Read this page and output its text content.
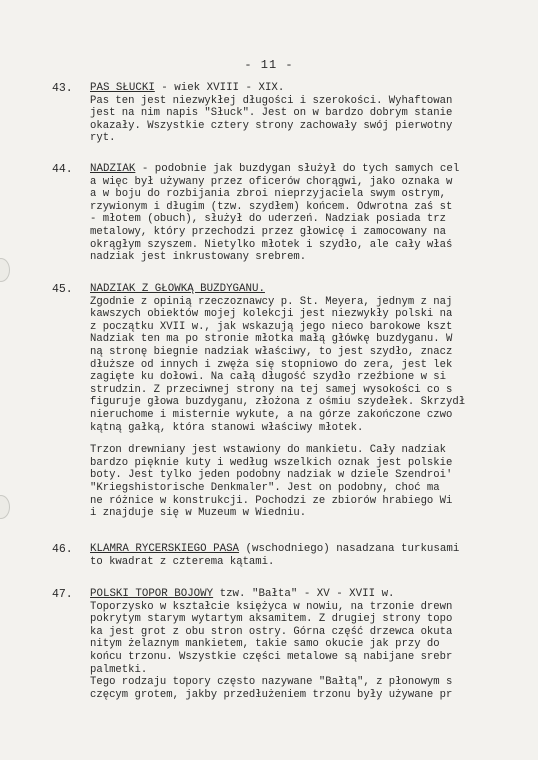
- 11 -
43. PAS SŁUCKI - wiek XVIII - XIX.
Pas ten jest niezwykłej długości i szerokości. Wyhaftowan
jest na nim napis "Słuck". Jest on w bardzo dobrym stanie
okazały. Wszystkie cztery strony zachowały swój pierwotny
ryt.
44. NADZIAK - podobnie jak buzdygan służył do tych samych cel
a więc był używany przez oficerów chorągwi, jako oznaka w
a w boju do rozbijania zbroi nieprzyjaciela swym ostrym,
rzywionym i długim (tzw. szydłem) końcem. Odwrotna zaś st
- młotem (obuch), służył do uderzeń. Nadziak posiada trz
metalowy, który przechodzi przez głowicę i zamocowany na
okrągłym szyszem. Nietylko młotek i szydło, ale cały właś
nadziak jest inkrustowany srebrem.
45. NADZIAK Z GŁÓWKĄ BUZDYGANU.
Zgodnie z opinią rzeczoznawcy p. St. Meyera, jednym z naj
kawszych obiektów mojej kolekcji jest niezwykły polski na
z początku XVII w., jak wskazują jego nieco barokowe kszt
Nadziak ten ma po stronie młotka małą główkę buzdyganu. W
ną stronę biegnie nadziak właściwy, to jest szydło, znacz
dłuższe od innych i zwęża się stopniowo do zera, jest lek
zagięte ku dołowi. Na całą długość szydło rzeźbione w si
strudzin. Z przeciwnej strony na tej samej wysokości co s
figuruje głowa buzdyganu, złożona z ośmiu szydełek. Skrzydł
nieruchome i misternie wykute, a na górze zakończone czwo
kątną gałką, która stanowi właściwy młotek.
Trzon drewniany jest wstawiony do mankietu. Cały nadziak
bardzo pięknie kuty i według wszelkich oznak jest polskie
boty. Jest tylko jeden podobny nadziak w dziele Szendroi'
"Kriegshistorische Denkmaler". Jest on podobny, choć ma
ne różnice w konstrukcji. Pochodzi ze zbiorów hrabiego Wi
i znajduje się w Muzeum w Wiedniu.
46. KLAMRA RYCERSKIEGO PASA (wschodniego) nasadzana turkusami
to kwadrat z czterema kątami.
47. POLSKI TOPÓR BOJOWY tzw. "Bałta" - XV - XVII w.
Toporzysko w kształcie księżyca w nowiu, na trzonie drewn
pokrytym starym wytartym aksamitem. Z drugiej strony topo
ka jest grot z obu stron ostry. Górna część drzewca okuta
nitym żelaznym mankietem, takie samo okucie jak przy do
końcu trzonu. Wszystkie części metalowe są nabijane srebr
palmetki.
Tego rodzaju topory często nazywane "Bałtą", z płonowym s
częcym grotem, jakby przedłużeniem trzonu były używane pr
